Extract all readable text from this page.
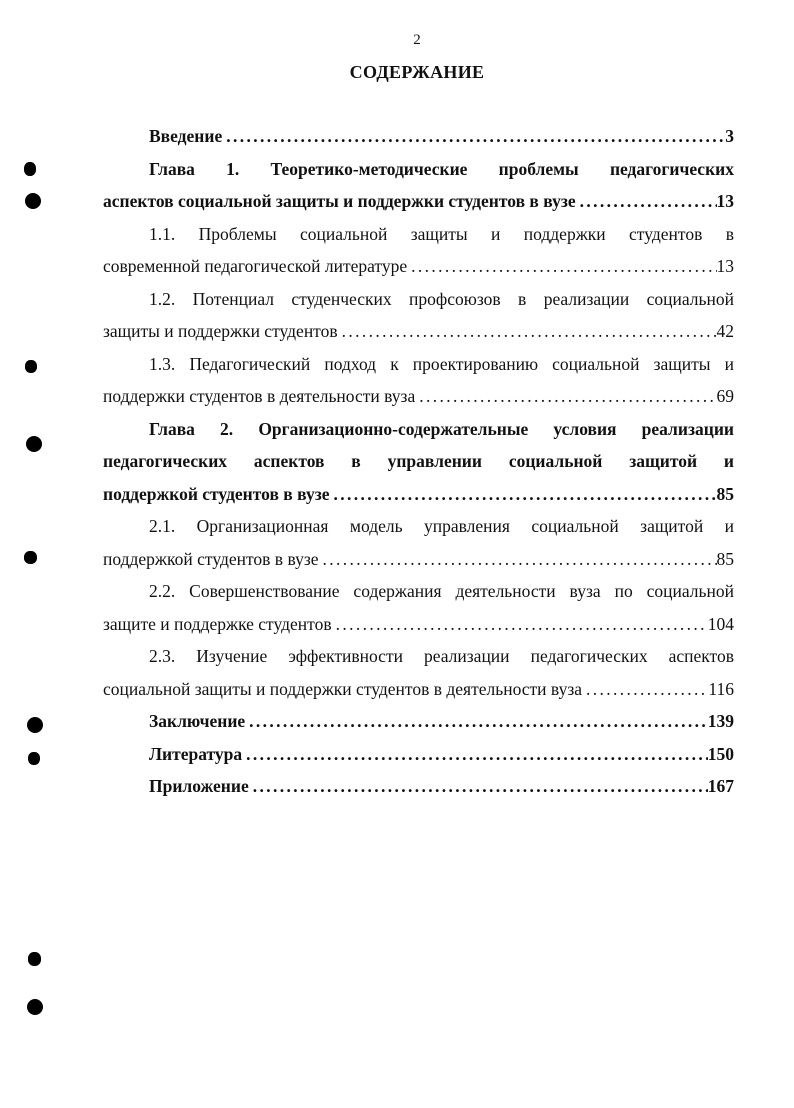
2
СОДЕРЖАНИЕ
Введение . . .	3
Глава 1. Теоретико-методические проблемы педагогических
аспектов социальной защиты и поддержки студентов в вузе . . .	13
1.1. Проблемы социальной защиты и поддержки студентов в
современной педагогической литературе . . .	13
1.2. Потенциал студенческих профсоюзов в реализации социальной
защиты и поддержки студентов . . .	42
1.3. Педагогический подход к проектированию социальной защиты и
поддержки студентов в деятельности вуза . . .	69
Глава 2. Организационно-содержательные условия реализации
педагогических аспектов в управлении социальной защитой и
поддержкой студентов в вузе . . .	85
2.1. Организационная модель управления социальной защитой и
поддержкой студентов в вузе . . .	85
2.2. Совершенствование содержания деятельности вуза по социальной
защите и поддержке студентов . . .	104
2.3. Изучение эффективности реализации педагогических аспектов
социальной защиты и поддержки студентов в деятельности вуза . . .	116
Заключение . . .	139
Литература . . .	150
Приложение . . .	167
